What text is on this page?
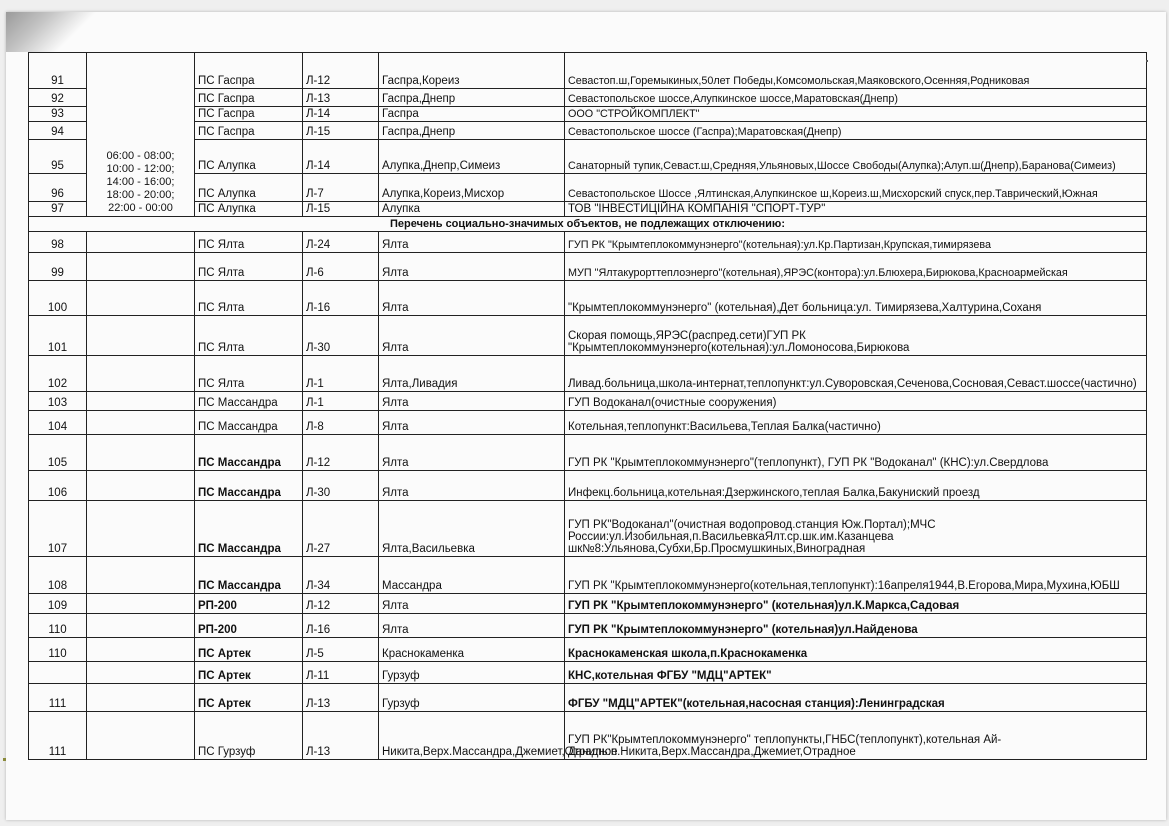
91	06:00 - 08:00;
10:00 - 12:00;
14:00 - 16:00;
18:00 - 20:00;
22:00 - 00:00	ПС Гаспра	Л-12	Гаспра,Кореиз	Севастоп.ш,Горемыкиных,50лет Победы,Комсомольская,Маяковского,Осенняя,Родниковая
92		ПС Гаспра	Л-13	Гаспра,Днепр	Севастопольское шоссе,Алупкинское шоссе,Маратовская(Днепр)
93		ПС Гаспра	Л-14	Гаспра	ООО "СТРОЙКОМПЛЕКТ"
94		ПС Гаспра	Л-15	Гаспра,Днепр	Севастопольское шоссе (Гаспра);Маратовская(Днепр)
95		ПС Алупка	Л-14	Алупка,Днепр,Симеиз	Санаторный тупик,Севаст.ш,Средняя,Ульяновых,Шоссе Свободы(Алупка);Алуп.ш(Днепр),Баранова(Симеиз)
96		ПС Алупка	Л-7	Алупка,Кореиз,Мисхор	Севастопольское Шоссе ,Ялтинская,Алупкинское ш,Кореиз.ш,Мисхорский спуск,пер.Таврический,Южная
97		ПС Алупка	Л-15	Алупка	ТОВ "ІНВЕСТИЦІЙНА КОМПАНІЯ "СПОРТ-ТУР"
Перечень социально-значимых объектов, не подлежащих отключению:					
98		ПС Ялта	Л-24	Ялта	ГУП РК "Крымтеплокоммунэнерго"(котельная):ул.Кр.Партизан,Крупская,тимирязева
99		ПС Ялта	Л-6	Ялта	МУП "Ялтакурорттеплоэнерго"(котельная),ЯРЭС(контора):ул.Блюхера,Бирюкова,Красноармейская
100		ПС Ялта	Л-16	Ялта	"Крымтеплокоммунэнерго" (котельная),Дет больница:ул. Тимирязева,Халтурина,Соханя
101		ПС Ялта	Л-30	Ялта	Скорая помощь,ЯРЭС(распред.сети)ГУП РК "Крымтеплокоммунэнерго(котельная):ул.Ломоносова,Бирюкова
102		ПС Ялта	Л-1	Ялта,Ливадия	Ливад.больница,школа-интернат,теплопункт:ул.Суворовская,Сеченова,Сосновая,Севаст.шоссе(частично)
103		ПС Массандра	Л-1	Ялта	ГУП Водоканал(очистные сооружения)
104		ПС Массандра	Л-8	Ялта	Котельная,теплопункт:Васильева,Теплая Балка(частично)
105		ПС Массандра	Л-12	Ялта	ГУП РК "Крымтеплокоммунэнерго"(теплопункт), ГУП РК "Водоканал" (КНС):ул.Свердлова
106		ПС Массандра	Л-30	Ялта	Инфекц.больница,котельная:Дзержинского,теплая Балка,Бакуниский проезд
107		ПС Массандра	Л-27	Ялта,Васильевка	ГУП РК"Водоканал"(очистная водопровод.станция Юж.Портал);МЧС России:ул.Изобильная,п.ВасильевкаЯлт.ср.шк.им.Казанцева шк№8:Ульянова,Субхи,Бр.Просмушкиных,Виноградная
108		ПС Массандра	Л-34	Массандра	ГУП РК "Крымтеплокоммунэнерго(котельная,теплопункт):16апреля1944,В.Егорова,Мира,Мухина,ЮБШ
109		РП-200	Л-12	Ялта	ГУП РК "Крымтеплокоммунэнерго" (котельная)ул.К.Маркса,Садовая
110		РП-200	Л-16	Ялта	ГУП РК "Крымтеплокоммунэнерго" (котельная)ул.Найденова
110		ПС Артек	Л-5	Краснокаменка	Краснокаменская школа,п.Краснокаменка
		ПС Артек	Л-11	Гурзуф	КНС,котельная ФГБУ "МДЦ"АРТЕК"
111		ПС Артек	Л-13	Гурзуф	ФГБУ "МДЦ"АРТЕК"(котельная,насосная станция):Ленинградская
111		ПС Гурзуф	Л-13	Никита,Верх.Массандра,Джемиет,Отрадное	ГУП РК"Крымтеплокоммунэнерго" теплопункты,ГНБС(теплопункт),котельная Ай-Даниль:п.Никита,Верх.Массандра,Джемиет,Отрадное
